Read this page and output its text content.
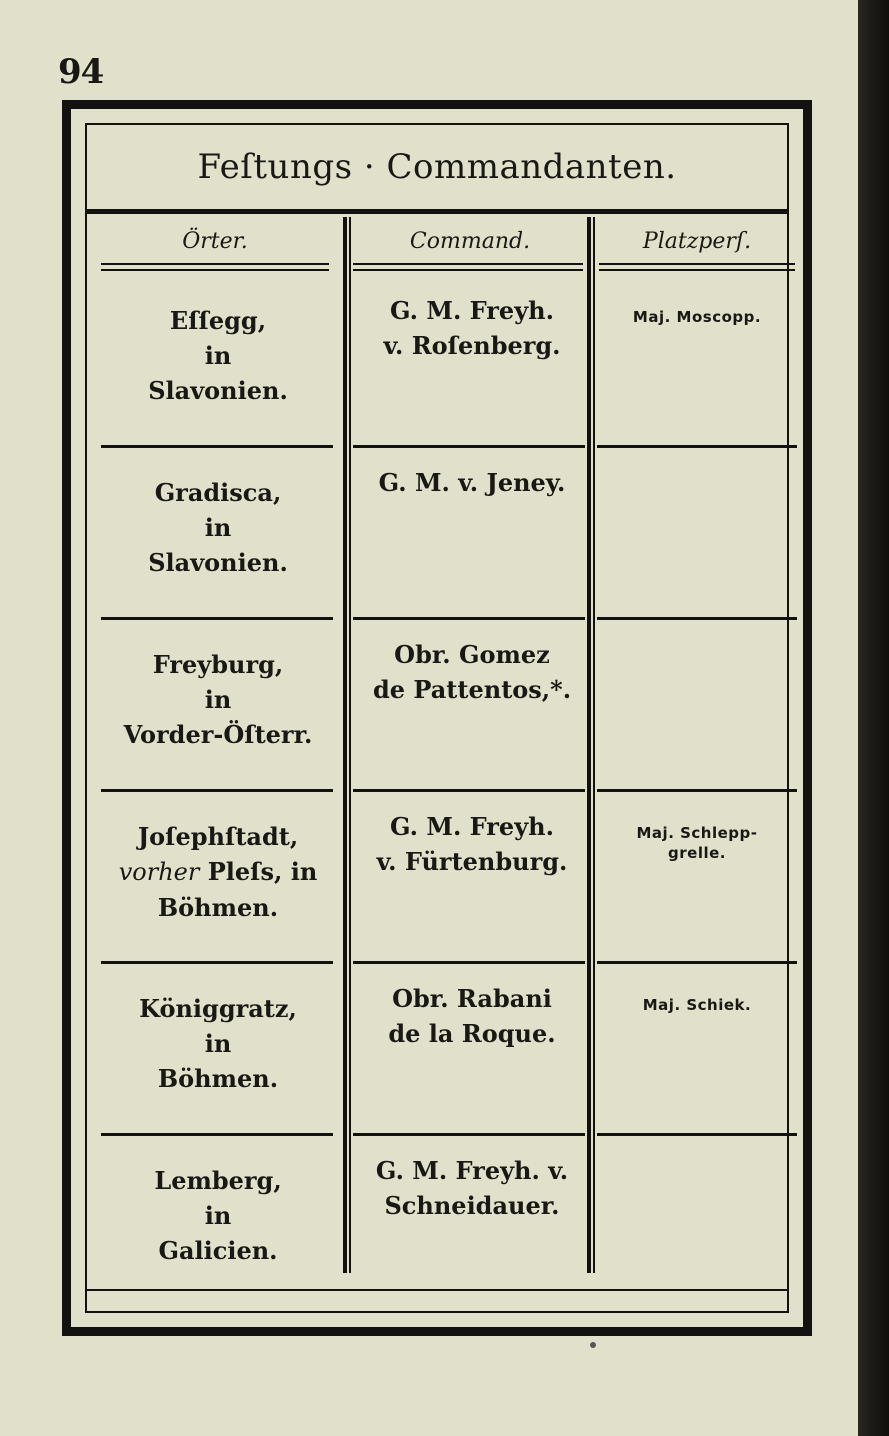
94
Feſtungs · Commandanten.
Örter.	Command.	Platzperſ.
Eſſegg,
in
Slavonien.
G. M. Freyh.
v. Roſenberg.
Maj. Moscopp.
Gradisca,
in
Slavonien.
G. M. v. Jeney.
Freyburg,
in
Vorder-Öſterr.
Obr. Gomez
de Pattentos,*.
Joſephſtadt,
vorher Pleſs, in
Böhmen.
G. M. Freyh.
v. Fürtenburg.
Maj. Schlepp-
grelle.
Königgratz,
in
Böhmen.
Obr. Rabani
de la Roque.
Maj. Schiek.
Lemberg,
in
Galicien.
G. M. Freyh. v.
Schneidauer.
